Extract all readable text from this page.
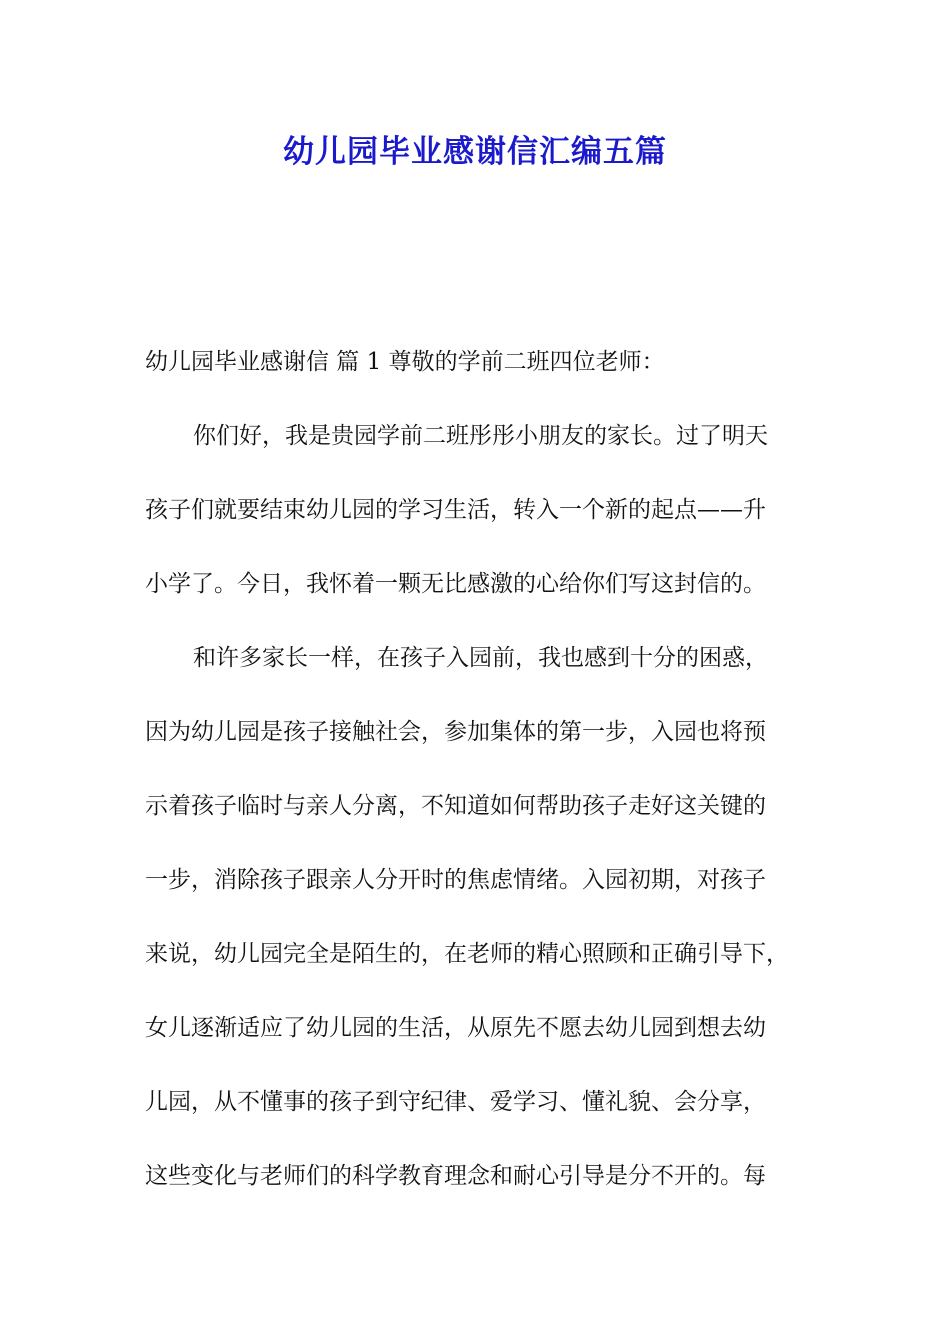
幼儿园毕业感谢信汇编五篇
幼儿园毕业感谢信 篇 1 尊敬的学前二班四位老师：
你们好，我是贵园学前二班彤彤小朋友的家长。过了明天
孩子们就要结束幼儿园的学习生活，转入一个新的起点——升
小学了。今日，我怀着一颗无比感激的心给你们写这封信的。
和许多家长一样，在孩子入园前，我也感到十分的困惑，
因为幼儿园是孩子接触社会，参加集体的第一步，入园也将预
示着孩子临时与亲人分离，不知道如何帮助孩子走好这关键的
一步，消除孩子跟亲人分开时的焦虑情绪。入园初期，对孩子
来说，幼儿园完全是陌生的，在老师的精心照顾和正确引导下，
女儿逐渐适应了幼儿园的生活，从原先不愿去幼儿园到想去幼
儿园，从不懂事的孩子到守纪律、爱学习、懂礼貌、会分享，
这些变化与老师们的科学教育理念和耐心引导是分不开的。每
